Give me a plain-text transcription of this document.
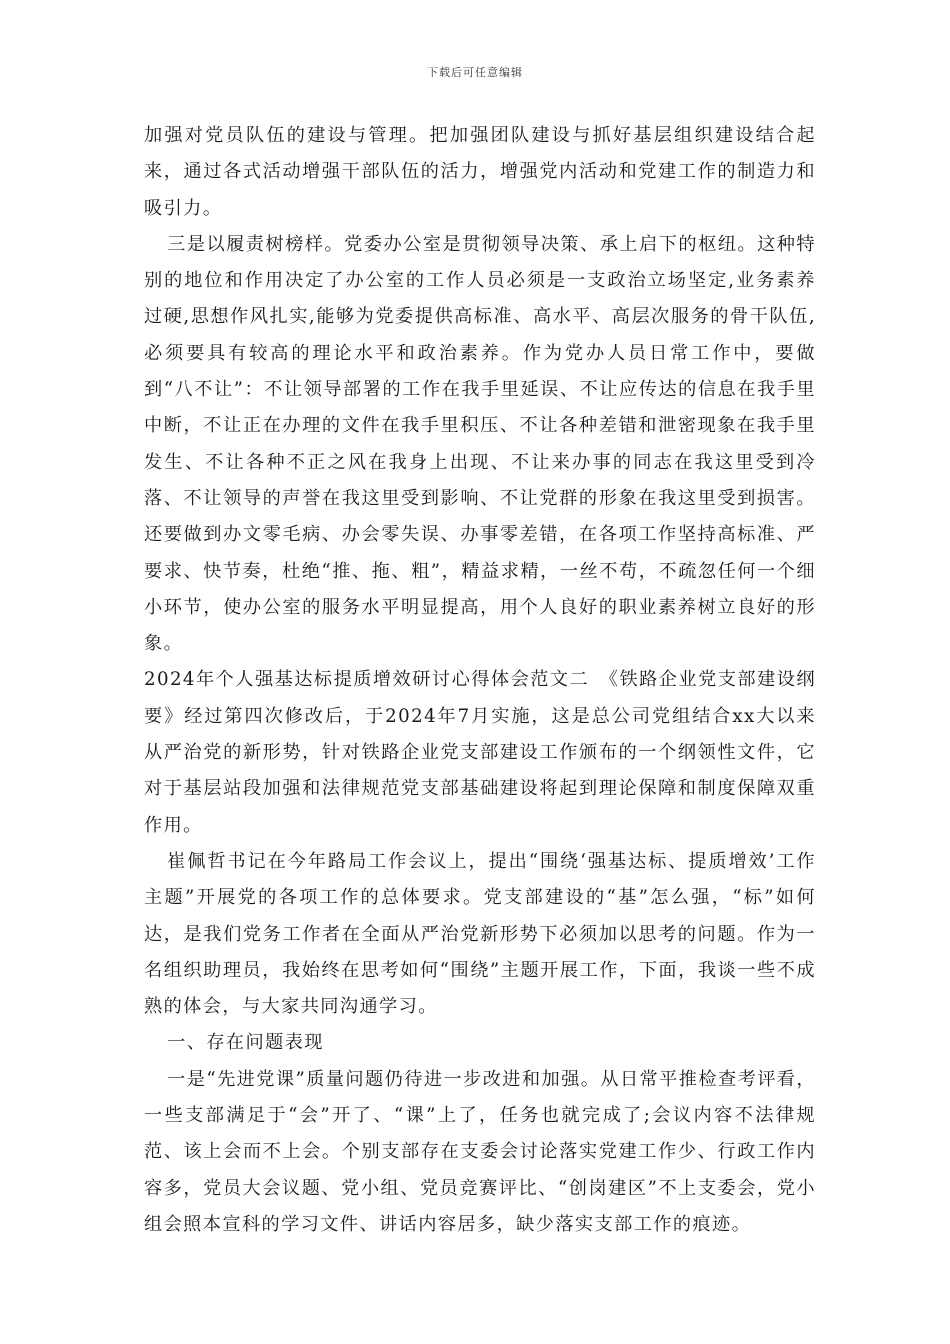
下载后可任意编辑

加强对党员队伍的建设与管理。把加强团队建设与抓好基层组织建设结合起来，通过各式活动增强干部队伍的活力，增强党内活动和党建工作的制造力和吸引力。

三是以履责树榜样。党委办公室是贯彻领导决策、承上启下的枢纽。这种特别的地位和作用决定了办公室的工作人员必须是一支政治立场坚定,业务素养过硬,思想作风扎实,能够为党委提供高标准、高水平、高层次服务的骨干队伍,必须要具有较高的理论水平和政治素养。作为党办人员日常工作中，要做到“八不让”：不让领导部署的工作在我手里延误、不让应传达的信息在我手里中断，不让正在办理的文件在我手里积压、不让各种差错和泄密现象在我手里发生、不让各种不正之风在我身上出现、不让来办事的同志在我这里受到冷落、不让领导的声誉在我这里受到影响、不让党群的形象在我这里受到损害。还要做到办文零毛病、办会零失误、办事零差错，在各项工作坚持高标准、严要求、快节奏，杜绝“推、拖、粗”，精益求精，一丝不苟，不疏忽任何一个细小环节，使办公室的服务水平明显提高，用个人良好的职业素养树立良好的形象。

2024年个人强基达标提质增效研讨心得体会范文二　《铁路企业党支部建设纲要》经过第四次修改后，于2024年7月实施，这是总公司党组结合xx大以来从严治党的新形势，针对铁路企业党支部建设工作颁布的一个纲领性文件，它对于基层站段加强和法律规范党支部基础建设将起到理论保障和制度保障双重作用。

崔佩哲书记在今年路局工作会议上，提出“围绕‘强基达标、提质增效’工作主题”开展党的各项工作的总体要求。党支部建设的“基”怎么强，“标”如何达，是我们党务工作者在全面从严治党新形势下必须加以思考的问题。作为一名组织助理员，我始终在思考如何“围绕”主题开展工作，下面，我谈一些不成熟的体会，与大家共同沟通学习。

一、存在问题表现

一是“先进党课”质量问题仍待进一步改进和加强。从日常平推检查考评看，一些支部满足于“会”开了、“课”上了，任务也就完成了;会议内容不法律规范、该上会而不上会。个别支部存在支委会讨论落实党建工作少、行政工作内容多，党员大会议题、党小组、党员竞赛评比、“创岗建区”不上支委会，党小组会照本宣科的学习文件、讲话内容居多，缺少落实支部工作的痕迹。
